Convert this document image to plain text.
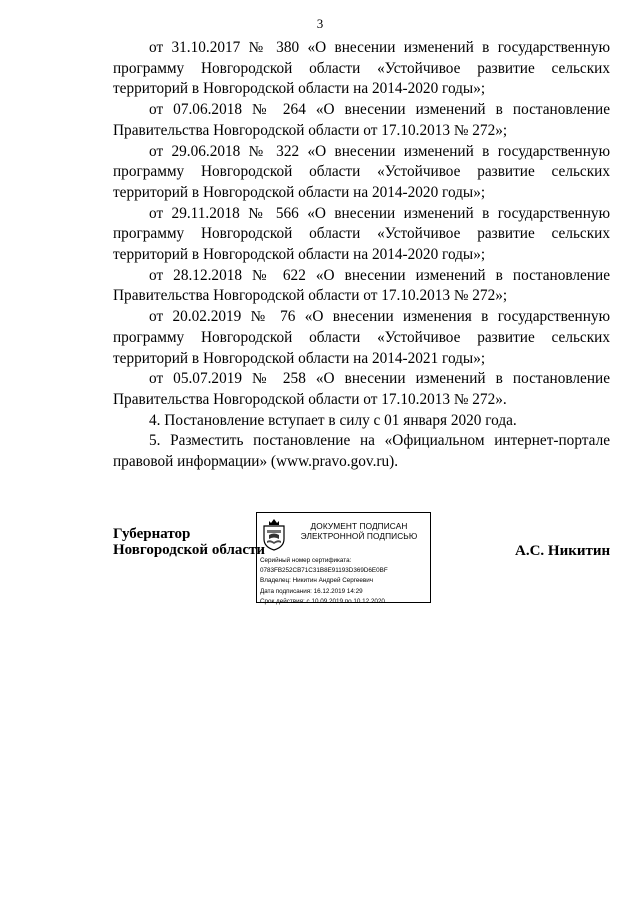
3

от 31.10.2017 № 380 «О внесении изменений в государственную программу Новгородской области «Устойчивое развитие сельских территорий в Новгородской области на 2014-2020 годы»;

от 07.06.2018 № 264 «О внесении изменений в постановление Правительства Новгородской области от 17.10.2013 № 272»;

от 29.06.2018 № 322 «О внесении изменений в государственную программу Новгородской области «Устойчивое развитие сельских территорий в Новгородской области на 2014-2020 годы»;

от 29.11.2018 № 566 «О внесении изменений в государственную программу Новгородской области «Устойчивое развитие сельских территорий в Новгородской области на 2014-2020 годы»;

от 28.12.2018 № 622 «О внесении изменений в постановление Правительства Новгородской области от 17.10.2013 № 272»;

от 20.02.2019 № 76 «О внесении изменения в государственную программу Новгородской области «Устойчивое развитие сельских территорий в Новгородской области на 2014-2021 годы»;

от 05.07.2019 № 258 «О внесении изменений в постановление Правительства Новгородской области от 17.10.2013 № 272».

4. Постановление вступает в силу с 01 января 2020 года.

5. Разместить постановление на «Официальном интернет-портале правовой информации» (www.pravo.gov.ru).

Губернатор
Новгородской области
ДОКУМЕНТ ПОДПИСАН
ЭЛЕКТРОННОЙ ПОДПИСЬЮ
Серийный номер сертификата:
0783FB252CB71C31B8E91193D369D6E0BF
Владелец: Никитин Андрей Сергеевич
Дата подписания: 16.12.2019 14:29
Срок действия: с 10.09.2019 по 10.12.2020
А.С. Никитин
